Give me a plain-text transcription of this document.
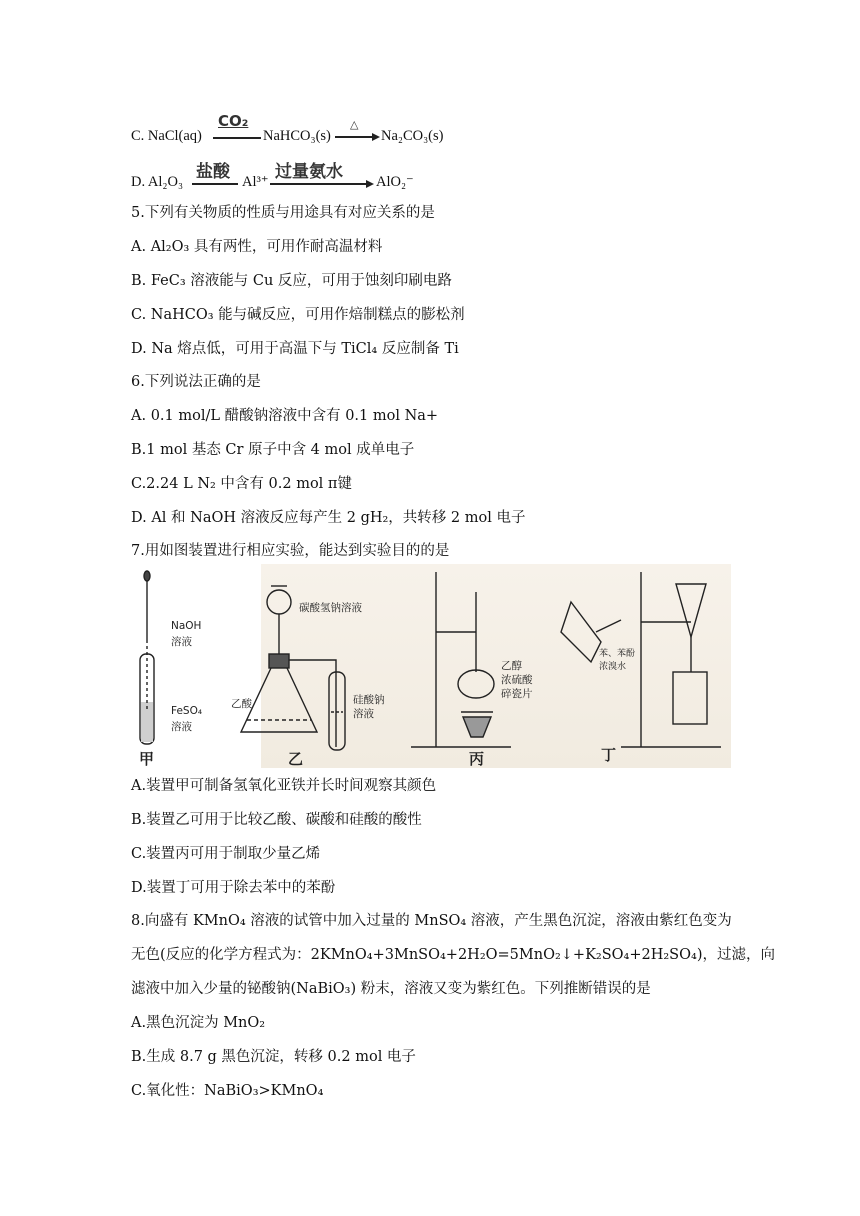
C. NaCl(aq)
CO₂
NaHCO₃(s)
△
Na₂CO₃(s)
D. Al₂O₃ 盐酸 Al³⁺ 过量氨水 AlO₂⁻
5.下列有关物质的性质与用途具有对应关系的是
A. Al₂O₃ 具有两性，可用作耐高温材料
B. FeC₃ 溶液能与 Cu 反应，可用于蚀刻印刷电路
C. NaHCO₃ 能与碱反应，可用作焙制糕点的膨松剂
D. Na 熔点低，可用于高温下与 TiCl₄ 反应制备 Ti
6.下列说法正确的是
A. 0.1 mol/L 醋酸钠溶液中含有 0.1 mol Na+
B.1 mol 基态 Cr 原子中含 4 mol 成单电子
C.2.24 L N₂ 中含有 0.2 mol π键
D. Al 和 NaOH 溶液反应每产生 2 gH₂，共转移 2 mol 电子
7.用如图装置进行相应实验，能达到实验目的的是
NaOH
溶液
FeSO₄
溶液
甲
碳酸氢钠溶液
乙酸	硅酸钠
溶液
乙
乙醇
浓硫酸
碎瓷片
丙
苯、苯酚
浓溴水
丁
A.装置甲可制备氢氧化亚铁并长时间观察其颜色
B.装置乙可用于比较乙酸、碳酸和硅酸的酸性
C.装置丙可用于制取少量乙烯
D.装置丁可用于除去苯中的苯酚
8.向盛有 KMnO₄ 溶液的试管中加入过量的 MnSO₄ 溶液，产生黑色沉淀，溶液由紫红色变为
无色(反应的化学方程式为：2KMnO₄+3MnSO₄+2H₂O=5MnO₂↓+K₂SO₄+2H₂SO₄)，过滤，向
滤液中加入少量的铋酸钠(NaBiO₃) 粉末，溶液又变为紫红色。下列推断错误的是
A.黑色沉淀为 MnO₂
B.生成 8.7 g 黑色沉淀，转移 0.2 mol 电子
C.氧化性：NaBiO₃>KMnO₄
